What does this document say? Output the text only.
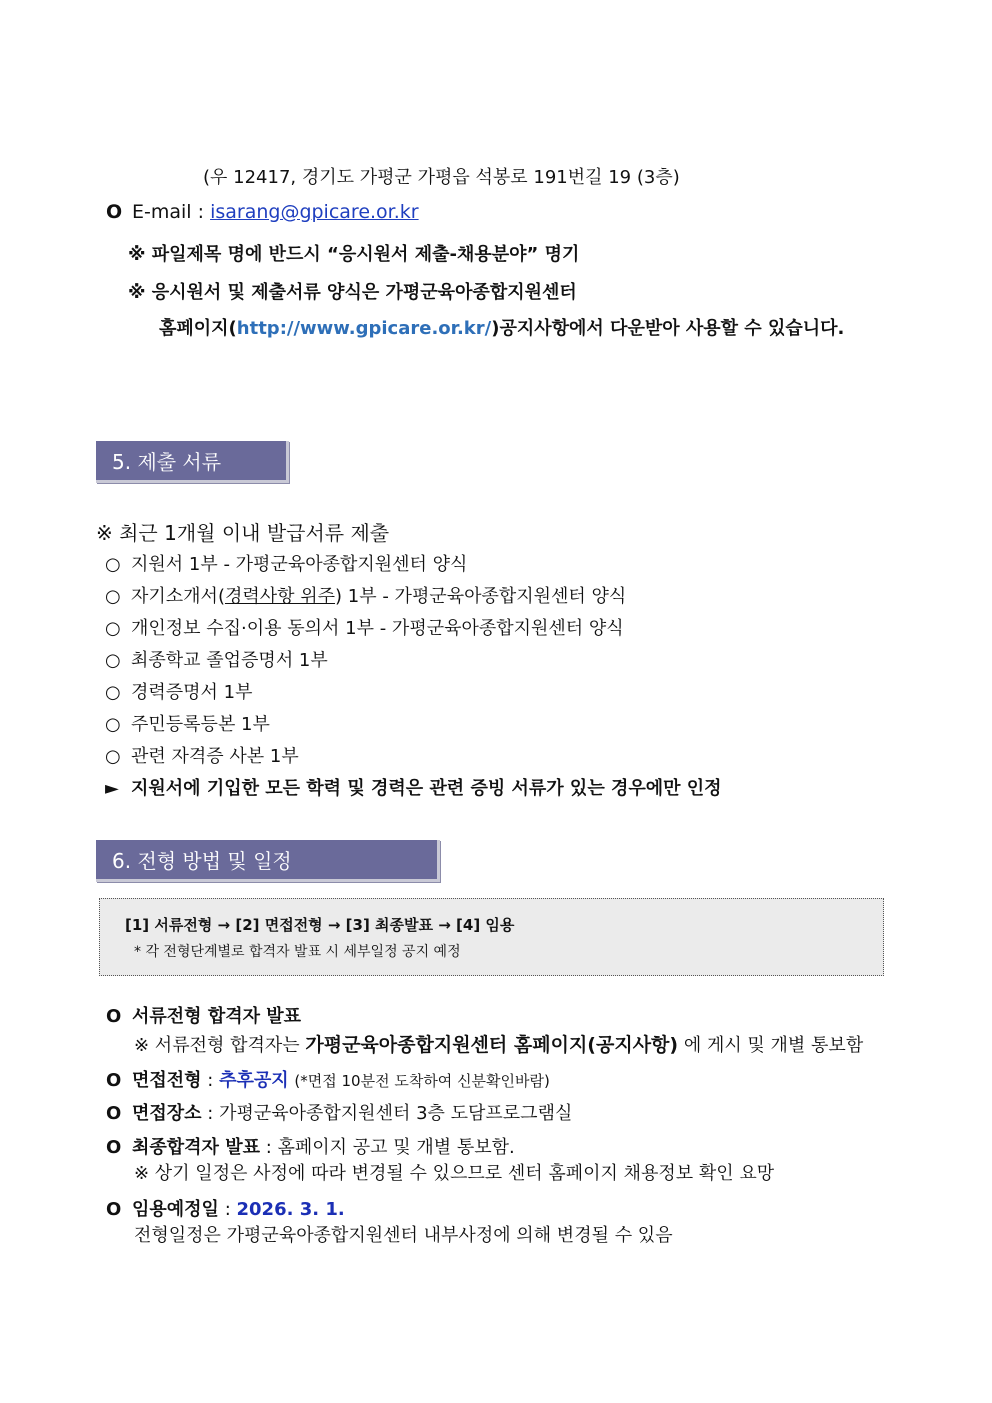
(우 12417, 경기도 가평군 가평읍 석봉로 191번길 19 (3층)
O E-mail : isarang@gpicare.or.kr
※ 파일제목 명에 반드시 “응시원서 제출-채용분야” 명기
※ 응시원서 및 제출서류 양식은 가평군육아종합지원센터
홈페이지(http://www.gpicare.or.kr/)공지사항에서 다운받아 사용할 수 있습니다.
5. 제출 서류
※ 최근 1개월 이내 발급서류 제출
○ 지원서 1부 - 가평군육아종합지원센터 양식
○ 자기소개서(경력사항 위주) 1부 - 가평군육아종합지원센터 양식
○ 개인정보 수집·이용 동의서 1부 - 가평군육아종합지원센터 양식
○ 최종학교 졸업증명서 1부
○ 경력증명서 1부
○ 주민등록등본 1부
○ 관련 자격증 사본 1부
► 지원서에 기입한 모든 학력 및 경력은 관련 증빙 서류가 있는 경우에만 인정
6. 전형 방법 및 일정
[1] 서류전형 → [2] 면접전형 → [3] 최종발표 → [4] 임용
* 각 전형단계별로 합격자 발표 시 세부일정 공지 예정
O 서류전형 합격자 발표
※ 서류전형 합격자는 가평군육아종합지원센터 홈페이지(공지사항) 에 게시 및 개별 통보함
O 면접전형 : 추후공지 (*면접 10분전 도착하여 신분확인바람)
O 면접장소 : 가평군육아종합지원센터 3층 도담프로그램실
O 최종합격자 발표 : 홈페이지 공고 및 개별 통보함.
※ 상기 일정은 사정에 따라 변경될 수 있으므로 센터 홈페이지 채용정보 확인 요망
O 임용예정일 : 2026. 3. 1.
전형일정은 가평군육아종합지원센터 내부사정에 의해 변경될 수 있음
